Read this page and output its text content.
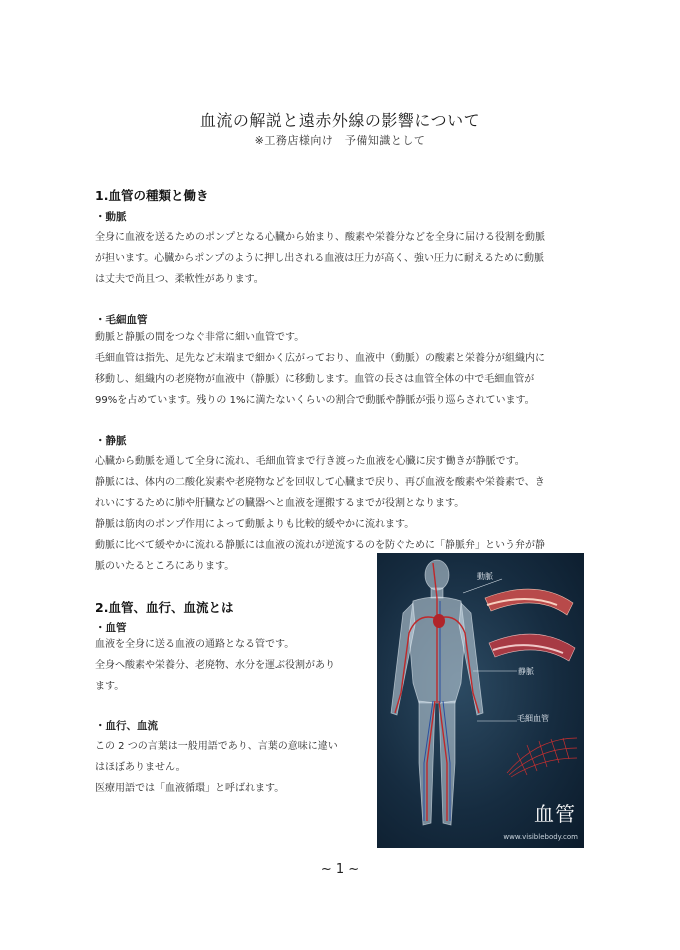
血流の解説と遠赤外線の影響について
※工務店様向け　予備知識として
1.血管の種類と働き
・動脈
全身に血液を送るためのポンプとなる心臓から始まり、酸素や栄養分などを全身に届ける役割を動脈
が担います。心臓からポンプのように押し出される血液は圧力が高く、強い圧力に耐えるために動脈
は丈夫で尚且つ、柔軟性があります。
・毛細血管
動脈と静脈の間をつなぐ非常に細い血管です。
毛細血管は指先、足先など末端まで細かく広がっており、血液中（動脈）の酸素と栄養分が組織内に
移動し、組織内の老廃物が血液中（静脈）に移動します。血管の長さは血管全体の中で毛細血管が
99%を占めています。残りの 1%に満たないくらいの割合で動脈や静脈が張り巡らされています。
・静脈
心臓から動脈を通して全身に流れ、毛細血管まで行き渡った血液を心臓に戻す働きが静脈です。
静脈には、体内の二酸化炭素や老廃物などを回収して心臓まで戻り、再び血液を酸素や栄養素で、き
れいにするために肺や肝臓などの臓器へと血液を運搬するまでが役割となります。
静脈は筋肉のポンプ作用によって動脈よりも比較的緩やかに流れます。
動脈に比べて緩やかに流れる静脈には血液の流れが逆流するのを防ぐために「静脈弁」という弁が静
脈のいたるところにあります。
2.血管、血行、血流とは
・血管
血液を全身に送る血液の通路となる管です。
全身へ酸素や栄養分、老廃物、水分を運ぶ役割があり
ます。
・血行、血流
この 2 つの言葉は一般用語であり、言葉の意味に違い
はほぼありません。
医療用語では「血液循環」と呼ばれます。
動脈
静脈
毛細血管
血管
www.visiblebody.com
~ 1 ~
